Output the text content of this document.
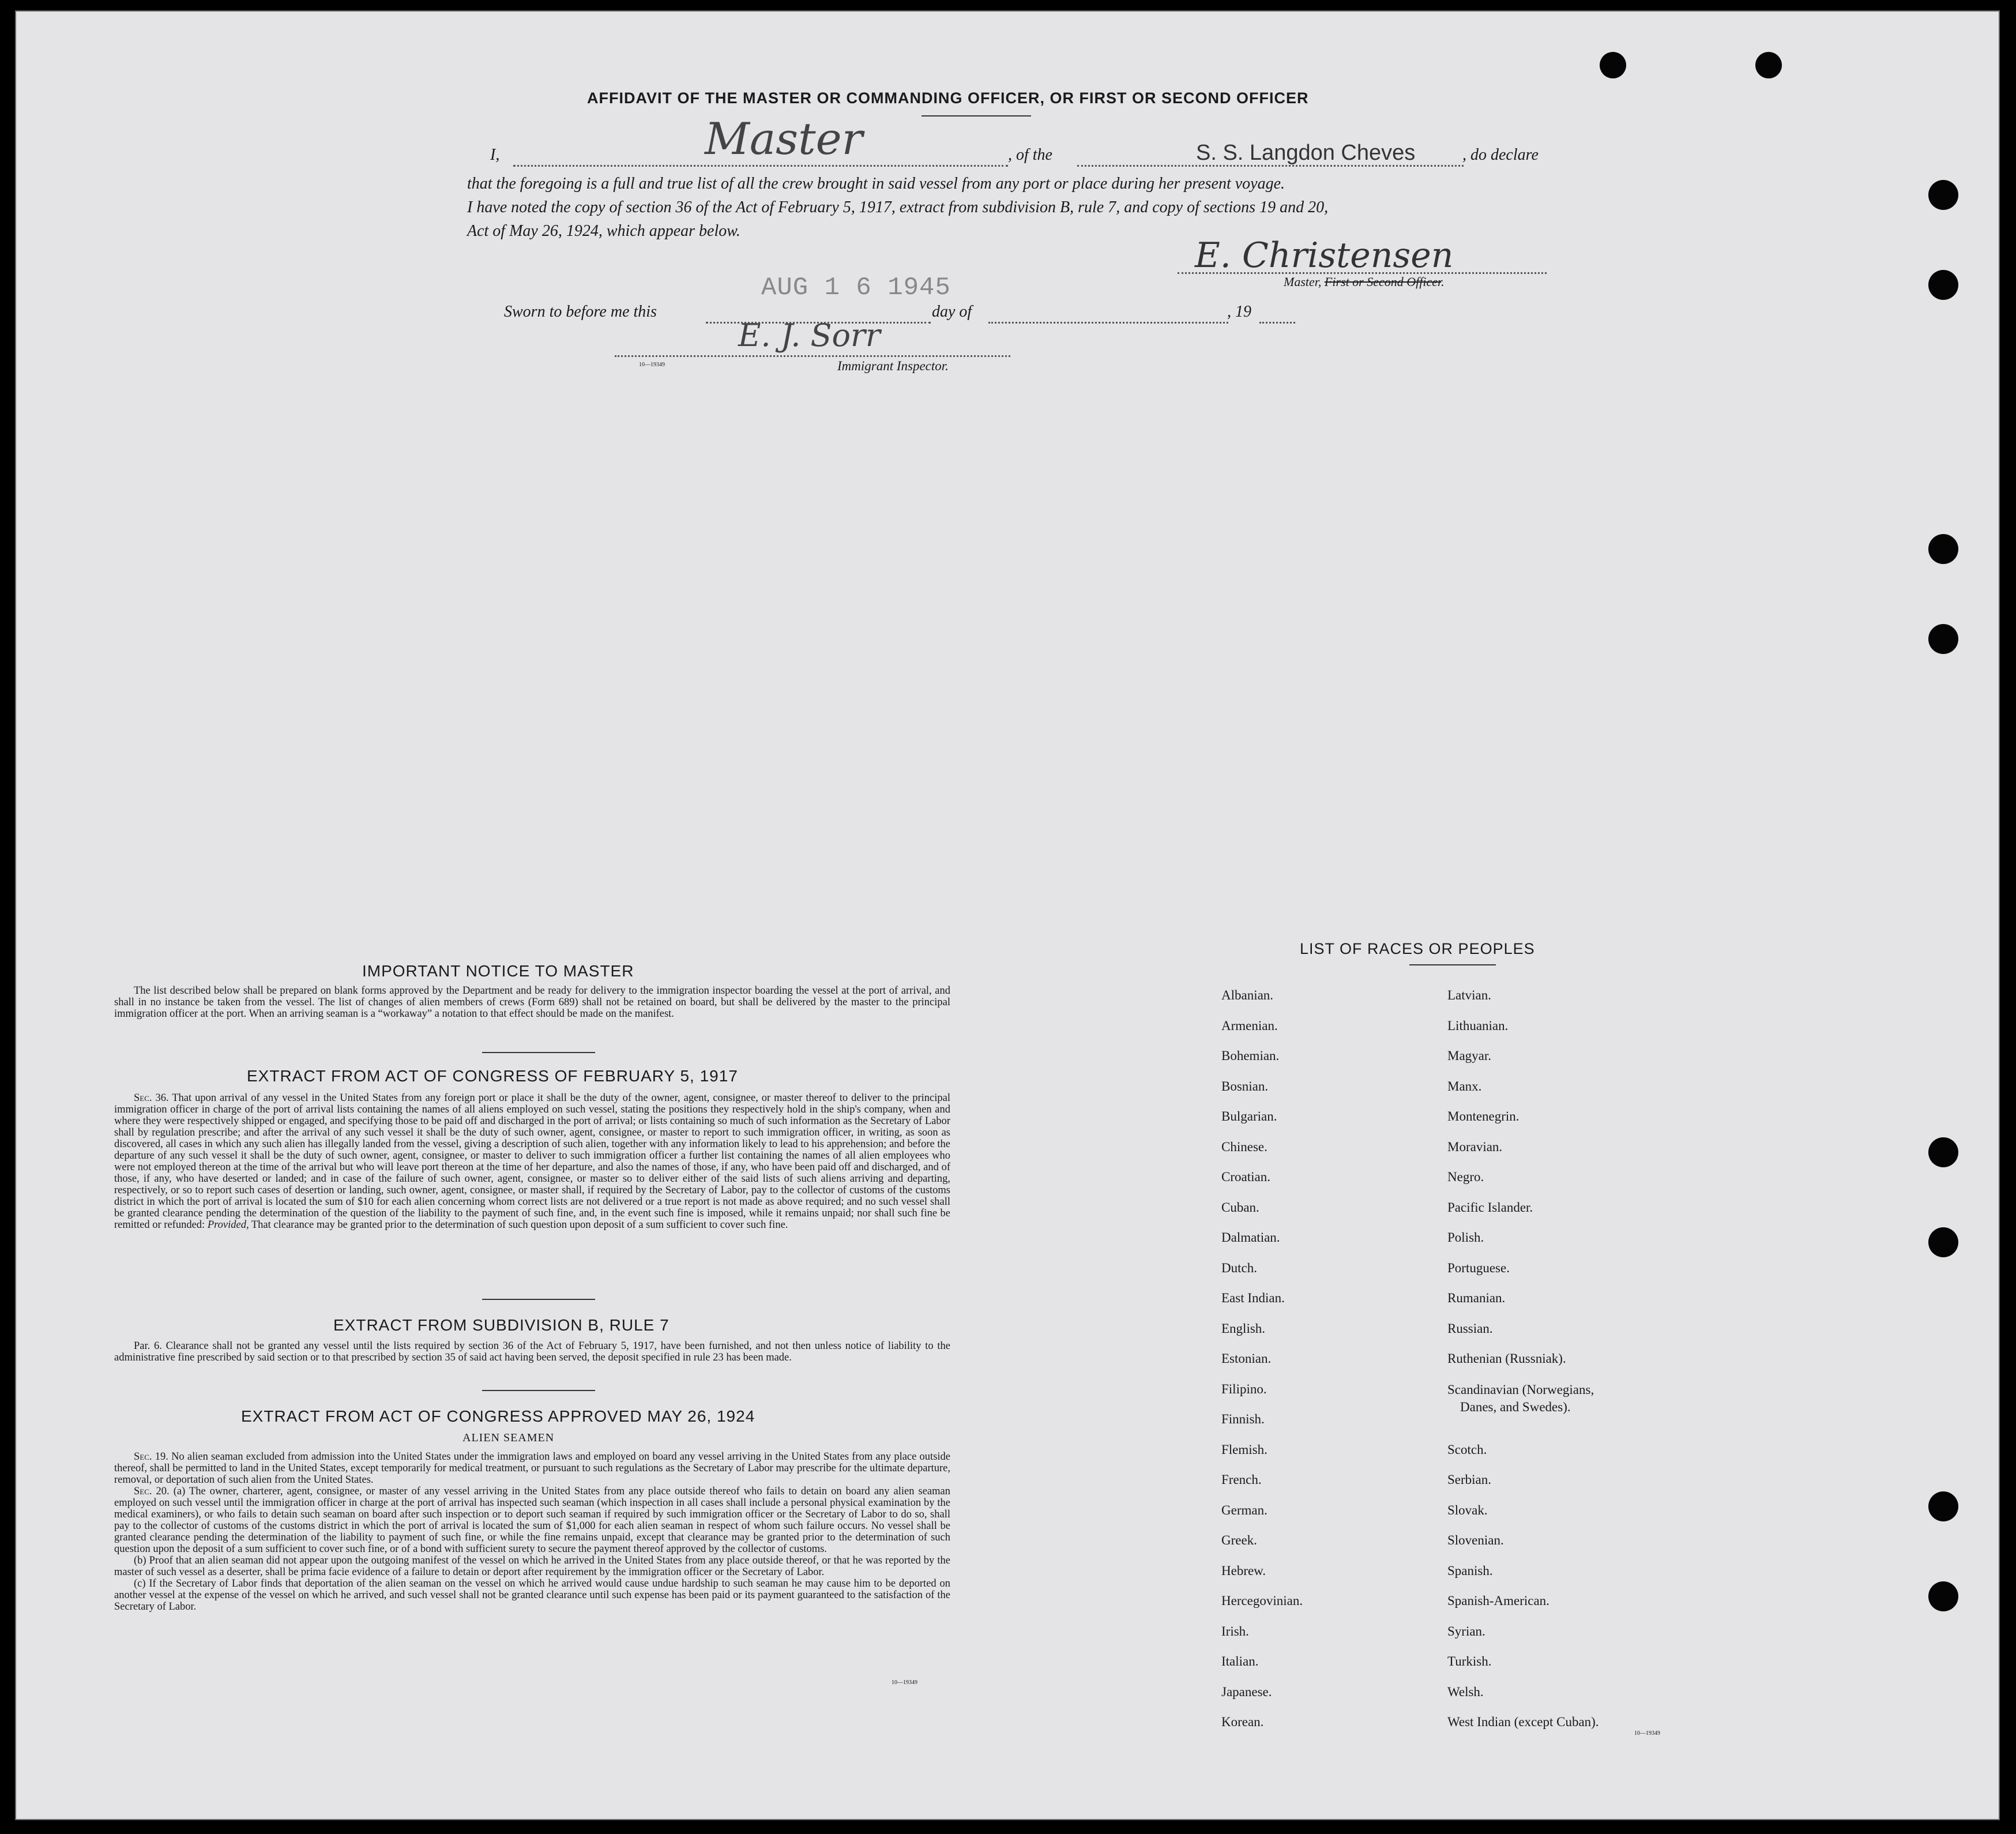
AFFIDAVIT OF THE MASTER OR COMMANDING OFFICER, OR FIRST OR SECOND OFFICER
I,	Master	, of the	S. S. Langdon Cheves	, do declare
that the foregoing is a full and true list of all the crew brought in said vessel from any port or place during her present voyage.
I have noted the copy of section 36 of the Act of February 5, 1917, extract from subdivision B, rule 7, and copy of sections 19 and 20,
Act of May 26, 1924, which appear below.
E. Christensen
Master, First or Second Officer.
Sworn to before me this
AUG 1 6 1945
day of	, 19
E. J. Sorr
10—19349	Immigrant Inspector.
IMPORTANT NOTICE TO MASTER

The list described below shall be prepared on blank forms approved by the Department and be ready for delivery to the immigration inspector boarding the vessel at the port of arrival, and shall in no instance be taken from the vessel. The list of changes of alien members of crews (Form 689) shall not be retained on board, but shall be delivered by the master to the principal immigration officer at the port. When an arriving seaman is a “workaway” a notation to that effect should be made on the manifest.

EXTRACT FROM ACT OF CONGRESS OF FEBRUARY 5, 1917

Sec. 36. That upon arrival of any vessel in the United States from any foreign port or place it shall be the duty of the owner, agent, consignee, or master thereof to deliver to the principal immigration officer in charge of the port of arrival lists containing the names of all aliens employed on such vessel, stating the positions they respectively hold in the ship's company, when and where they were respectively shipped or engaged, and specifying those to be paid off and discharged in the port of arrival; or lists containing so much of such information as the Secretary of Labor shall by regulation prescribe; and after the arrival of any such vessel it shall be the duty of such owner, agent, consignee, or master to report to such immigration officer, in writing, as soon as discovered, all cases in which any such alien has illegally landed from the vessel, giving a description of such alien, together with any information likely to lead to his apprehension; and before the departure of any such vessel it shall be the duty of such owner, agent, consignee, or master to deliver to such immigration officer a further list containing the names of all alien employees who were not employed thereon at the time of the arrival but who will leave port thereon at the time of her departure, and also the names of those, if any, who have been paid off and discharged, and of those, if any, who have deserted or landed; and in case of the failure of such owner, agent, consignee, or master so to deliver either of the said lists of such aliens arriving and departing, respectively, or so to report such cases of desertion or landing, such owner, agent, consignee, or master shall, if required by the Secretary of Labor, pay to the collector of customs of the customs district in which the port of arrival is located the sum of $10 for each alien concerning whom correct lists are not delivered or a true report is not made as above required; and no such vessel shall be granted clearance pending the determination of the question of the liability to the payment of such fine, and, in the event such fine is imposed, while it remains unpaid; nor shall such fine be remitted or refunded: Provided, That clearance may be granted prior to the determination of such question upon deposit of a sum sufficient to cover such fine.

EXTRACT FROM SUBDIVISION B, RULE 7

Par. 6. Clearance shall not be granted any vessel until the lists required by section 36 of the Act of February 5, 1917, have been furnished, and not then unless notice of liability to the administrative fine prescribed by said section or to that prescribed by section 35 of said act having been served, the deposit specified in rule 23 has been made.

EXTRACT FROM ACT OF CONGRESS APPROVED MAY 26, 1924
ALIEN SEAMEN

Sec. 19. No alien seaman excluded from admission into the United States under the immigration laws and employed on board any vessel arriving in the United States from any place outside thereof, shall be permitted to land in the United States, except temporarily for medical treatment, or pursuant to such regulations as the Secretary of Labor may prescribe for the ultimate departure, removal, or deportation of such alien from the United States.

Sec. 20. (a) The owner, charterer, agent, consignee, or master of any vessel arriving in the United States from any place outside thereof who fails to detain on board any alien seaman employed on such vessel until the immigration officer in charge at the port of arrival has inspected such seaman (which inspection in all cases shall include a personal physical examination by the medical examiners), or who fails to detain such seaman on board after such inspection or to deport such seaman if required by such immigration officer or the Secretary of Labor to do so, shall pay to the collector of customs of the customs district in which the port of arrival is located the sum of $1,000 for each alien seaman in respect of whom such failure occurs. No vessel shall be granted clearance pending the determination of the liability to payment of such fine, or while the fine remains unpaid, except that clearance may be granted prior to the determination of such question upon the deposit of a sum sufficient to cover such fine, or of a bond with sufficient surety to secure the payment thereof approved by the collector of customs.

(b) Proof that an alien seaman did not appear upon the outgoing manifest of the vessel on which he arrived in the United States from any place outside thereof, or that he was reported by the master of such vessel as a deserter, shall be prima facie evidence of a failure to detain or deport after requirement by the immigration officer or the Secretary of Labor.

(c) If the Secretary of Labor finds that deportation of the alien seaman on the vessel on which he arrived would cause undue hardship to such seaman he may cause him to be deported on another vessel at the expense of the vessel on which he arrived, and such vessel shall not be granted clearance until such expense has been paid or its payment guaranteed to the satisfaction of the Secretary of Labor.

10—19349
LIST OF RACES OR PEOPLES
Albanian.
Armenian.
Bohemian.
Bosnian.
Bulgarian.
Chinese.
Croatian.
Cuban.
Dalmatian.
Dutch.
East Indian.
English.
Estonian.
Filipino.
Finnish.
Flemish.
French.
German.
Greek.
Hebrew.
Hercegovinian.
Irish.
Italian.
Japanese.
Korean.
Latvian.
Lithuanian.
Magyar.
Manx.
Montenegrin.
Moravian.
Negro.
Pacific Islander.
Polish.
Portuguese.
Rumanian.
Russian.
Ruthenian (Russniak).
Scandinavian (Norwegians,
Danes, and Swedes).
Scotch.
Serbian.
Slovak.
Slovenian.
Spanish.
Spanish-American.
Syrian.
Turkish.
Welsh.
West Indian (except Cuban).
10—19349
